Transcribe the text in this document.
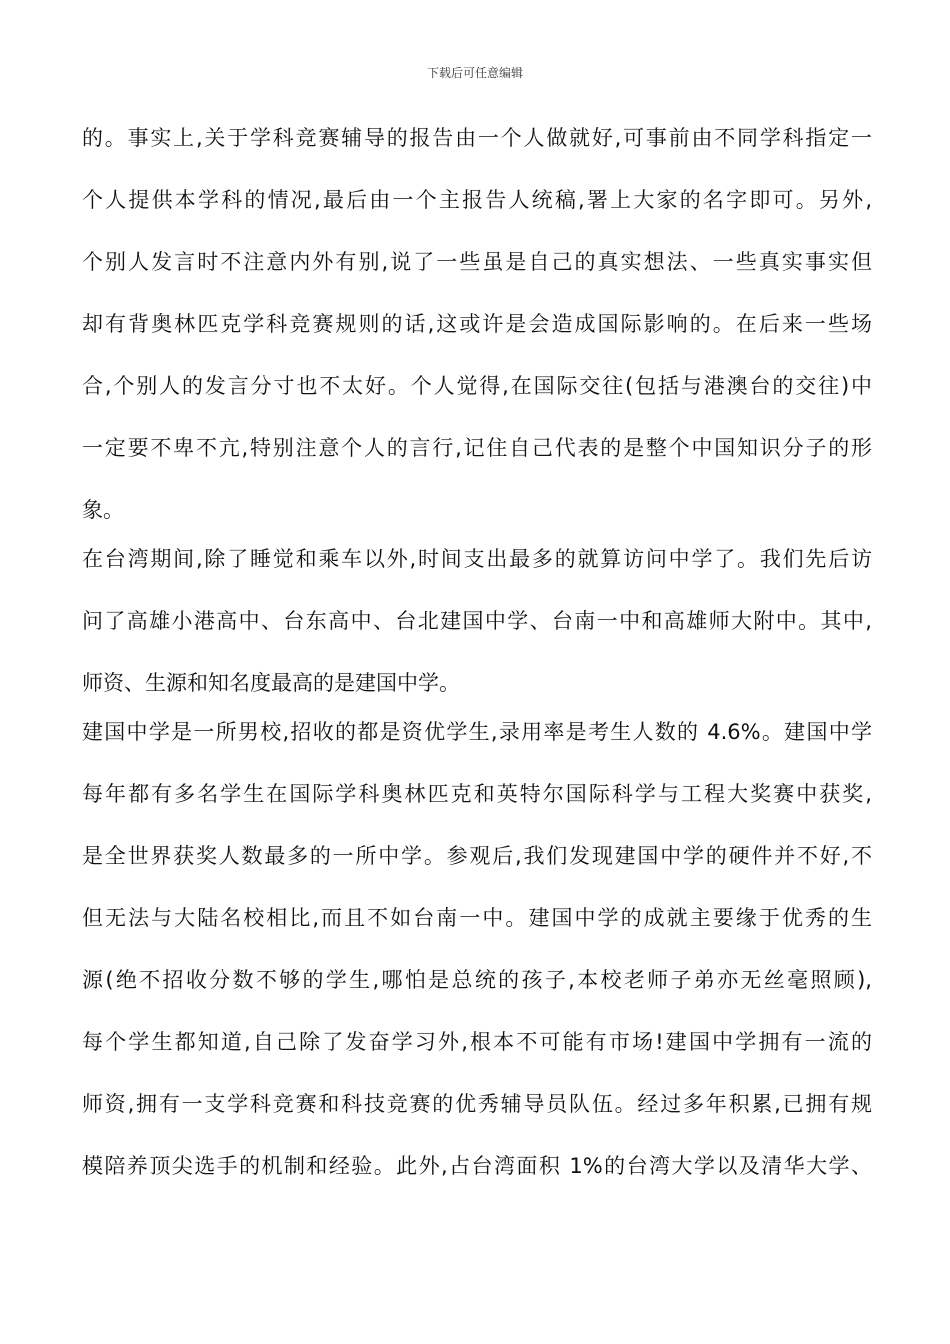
下载后可任意编辑
的。事实上,关于学科竞赛辅导的报告由一个人做就好,可事前由不同学科指定一
个人提供本学科的情况,最后由一个主报告人统稿,署上大家的名字即可。另外,
个别人发言时不注意内外有别,说了一些虽是自己的真实想法、一些真实事实但
却有背奥林匹克学科竞赛规则的话,这或许是会造成国际影响的。在后来一些场
合,个别人的发言分寸也不太好。个人觉得,在国际交往(包括与港澳台的交往)中
一定要不卑不亢,特别注意个人的言行,记住自己代表的是整个中国知识分子的形
象。
在台湾期间,除了睡觉和乘车以外,时间支出最多的就算访问中学了。我们先后访
问了高雄小港高中、台东高中、台北建国中学、台南一中和高雄师大附中。其中,
师资、生源和知名度最高的是建国中学。
建国中学是一所男校,招收的都是资优学生,录用率是考生人数的 4.6%。建国中学
每年都有多名学生在国际学科奥林匹克和英特尔国际科学与工程大奖赛中获奖,
是全世界获奖人数最多的一所中学。参观后,我们发现建国中学的硬件并不好,不
但无法与大陆名校相比,而且不如台南一中。建国中学的成就主要缘于优秀的生
源(绝不招收分数不够的学生,哪怕是总统的孩子,本校老师子弟亦无丝毫照顾),
每个学生都知道,自己除了发奋学习外,根本不可能有市场!建国中学拥有一流的
师资,拥有一支学科竞赛和科技竞赛的优秀辅导员队伍。经过多年积累,已拥有规
模陪养顶尖选手的机制和经验。此外,占台湾面积 1%的台湾大学以及清华大学、
